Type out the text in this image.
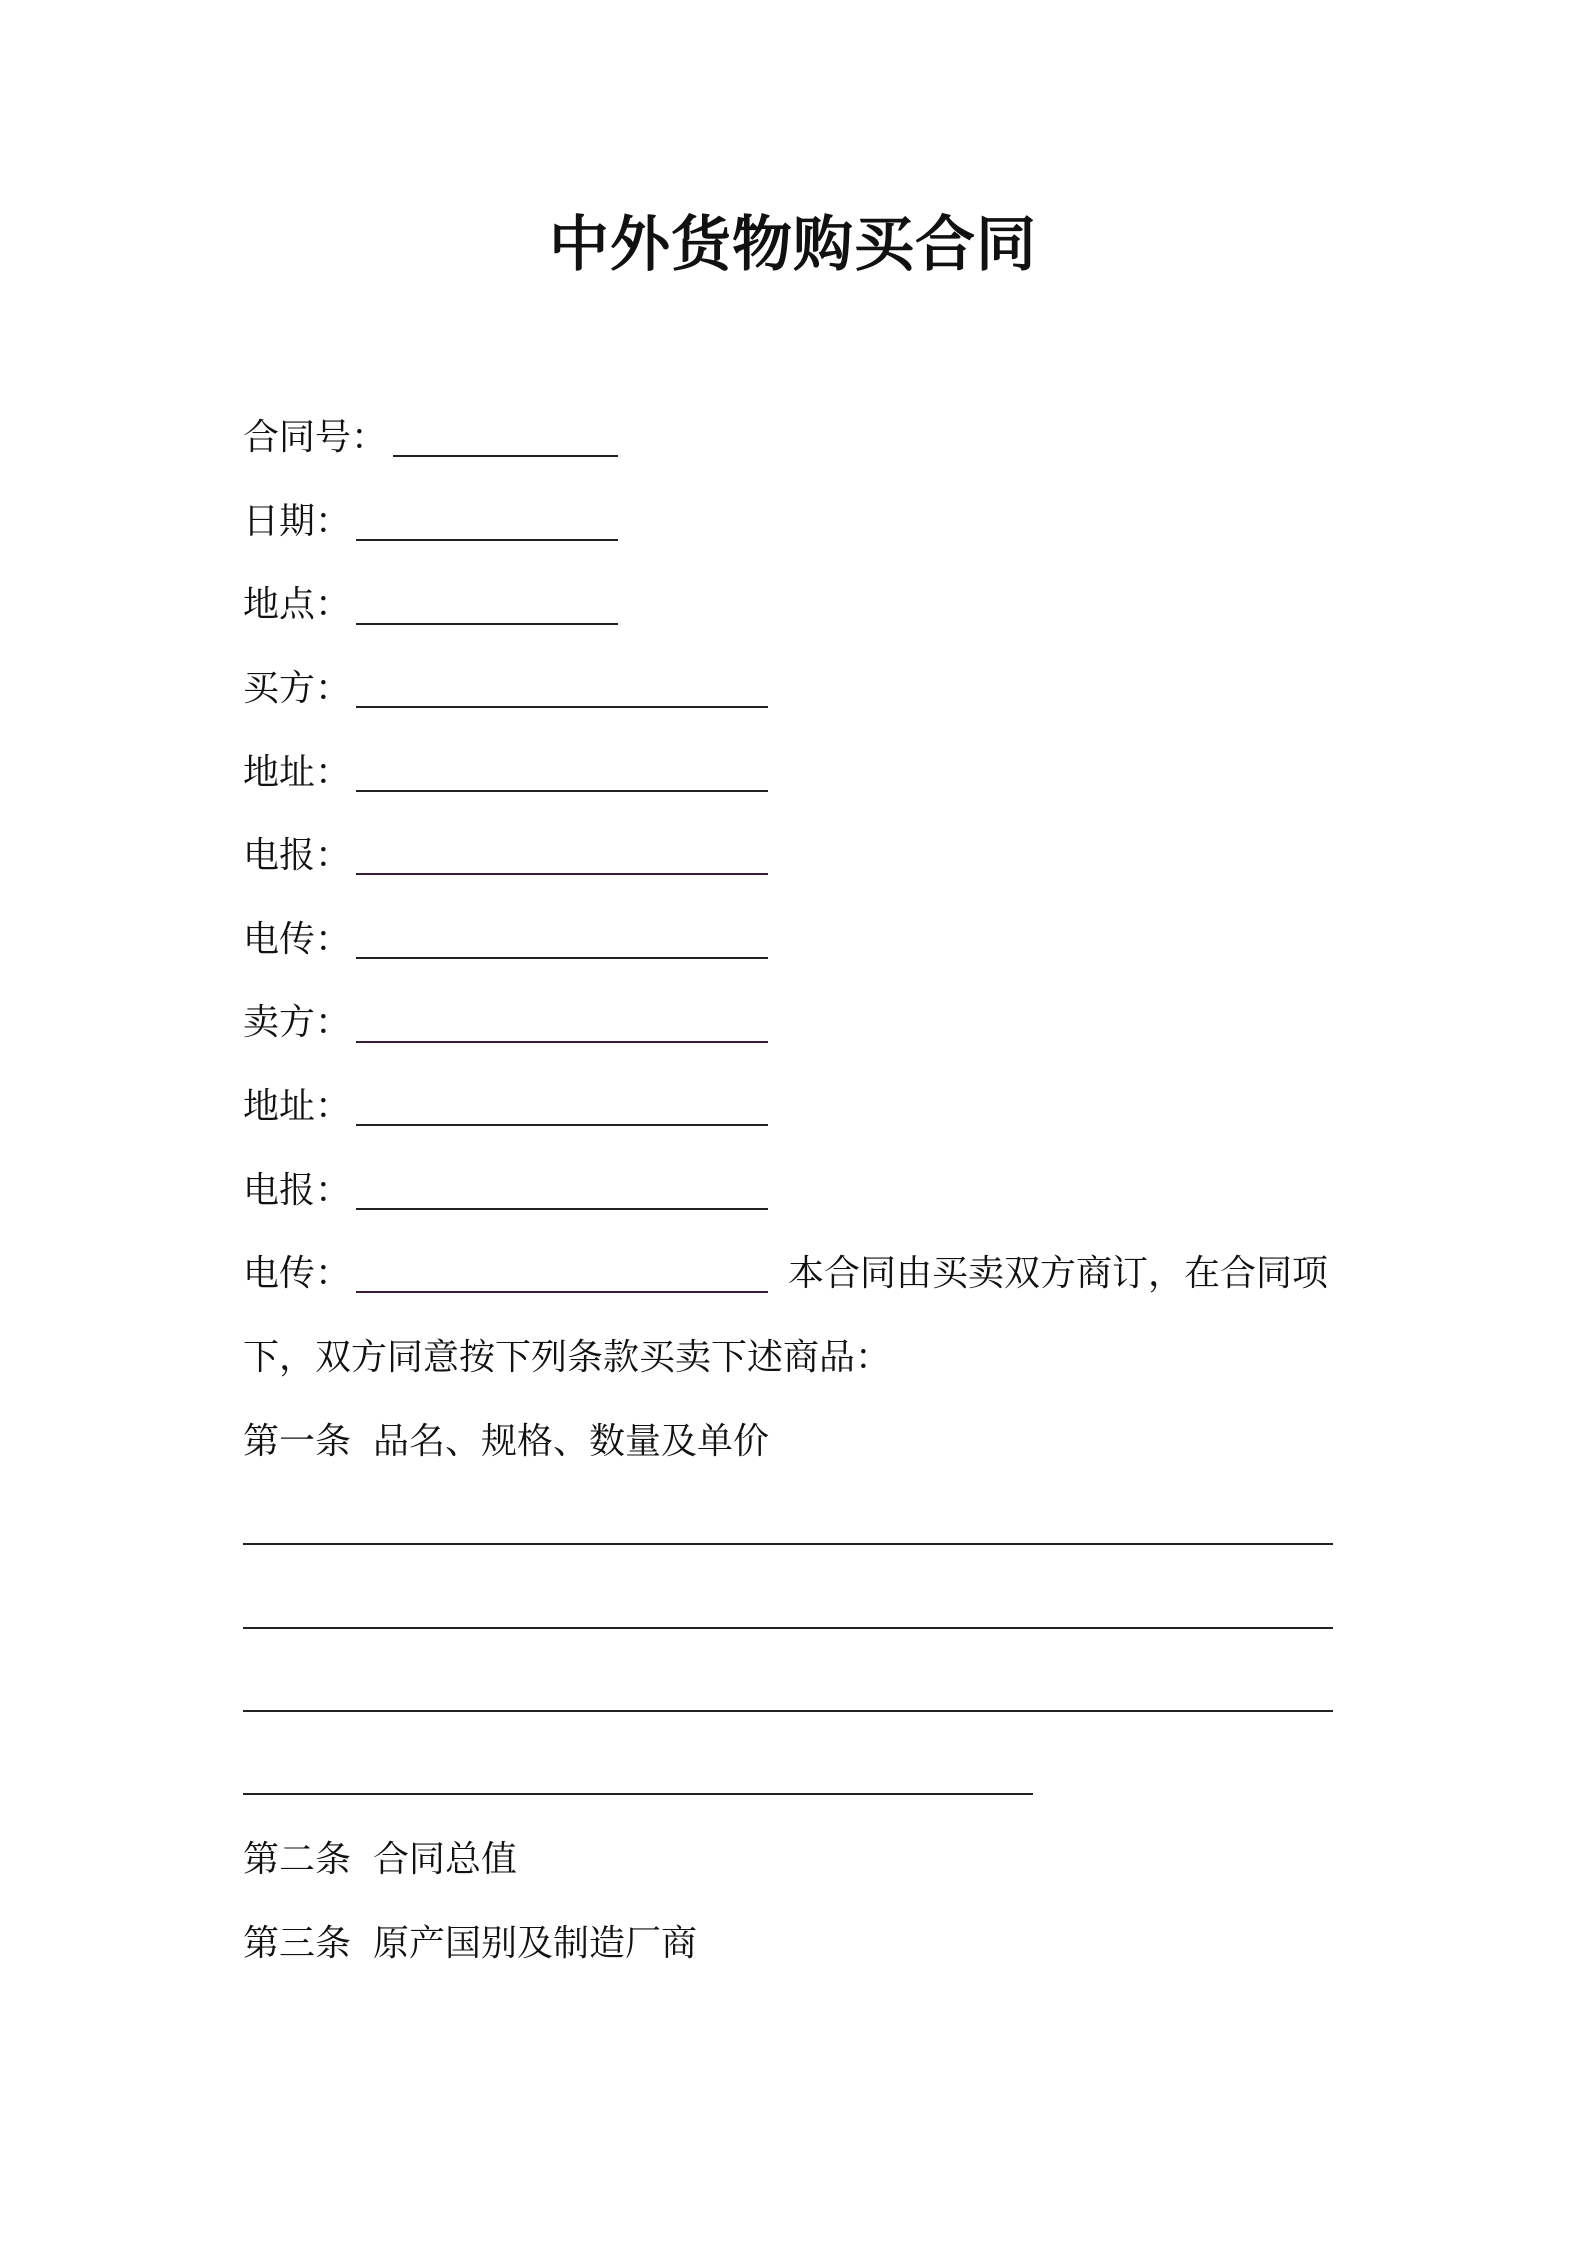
中外货物购买合同
合同号：
日期：
地点：
买方：
地址：
电报：
电传：
卖方：
地址：
电报：
电传：	本合同由买卖双方商订，在合同项
下，双方同意按下列条款买卖下述商品：
第一条 品名、规格、数量及单价
第二条 合同总值
第三条 原产国别及制造厂商
